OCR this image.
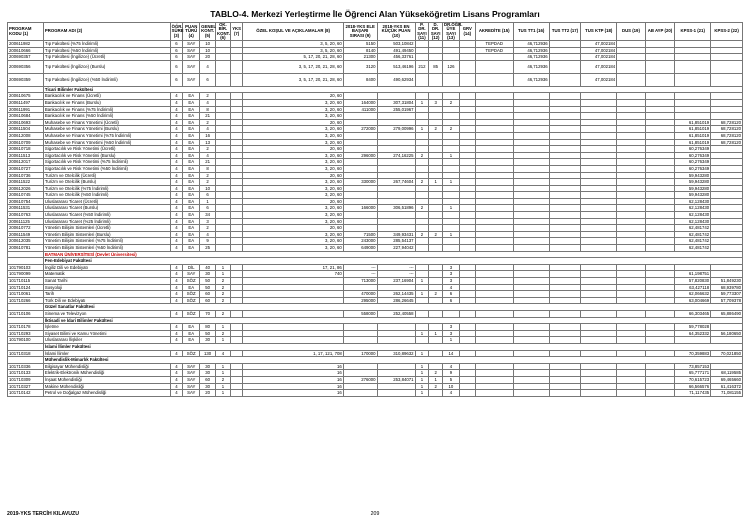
TABLO-4. Merkezi Yerleştirme İle Öğrenci Alan Yükseköğretim Lisans Programları
PROGRAM KODU (1)	PROGRAM ADI (2)	ÖĞR. SÜRE (3)	PUAN TÜRÜ (4)	GENEL KONT. (5)	OK. BİR. KONT. (6)	YKS (7)	ÖZEL KOŞUL VE AÇIKLAMALAR (8)	2018-YKS ELE BAŞARI SIRASI (9)	2018-YKS EN KÜÇÜK PUAN (10)	P. DR. SAYI (11)	D. DR. SAYI (12)	DR.ÖĞR. ÜYE SAYI (13)	GRV (14)	AKREDİTE (15)	TUS TT1 (16)	TUS TT2 (17)	TUS KTP (18)	DUS (19)	AB AYP (20)	KPSS-1 (21)	KPSS-2 (22)
200611982	Tıp Fakültesi (%75 İndirimli)	6	SAY	10			3, 5, 20, 60	5150	503,10842					TEPDAD	46,712936		47,002184				
200610666	Tıp Fakültesi (%50 İndirimli)	6	SAY	10			3, 5, 20, 60	8140	491,49450					TEPDAD	46,712936		47,002184				
200690357	Tıp Fakültesi (İngilizce) (Ücretli)	6	SAY	20			5, 17, 20, 21, 28, 60	21300	456,33761						46,712936		47,002184				
200690356	Tıp Fakültesi (İngilizce) (Burslu)	6	SAY	4			3, 5, 17, 20, 21, 28, 60	3120	513,46196	212	85	126			46,712936		47,002184				
200690359	Tıp Fakültesi (İngilizce) (%50 İndirimli)	6	SAY	6			3, 5, 17, 20, 21, 28, 60	8400	490,62934						46,712936		47,002184				
	Ticari Bilimler Fakültesi																				
200610675	Bankacılık ve Finans (Ücretli)	4	EA	2			20, 60														
200611497	Bankacılık ve Finans (Burslu)	4	EA	4			3, 20, 60	164000	307,31804	1	3	2									
200611991	Bankacılık ve Finans (%75 İndirimli)	4	EA	8			3, 20, 60	411000	255,01967												
200610684	Bankacılık ve Finans (%50 İndirimli)	4	EA	21			3, 20, 60														
200610693	Muhasebe ve Finans Yönetimi (Ücretli)	4	EA	2			20, 60													61,851019	68,728120
200611504	Muhasebe ve Finans Yönetimi (Burslu)	4	EA	4			3, 20, 60	272000	279,00996	1	2	2								61,851019	68,728120
200612008	Muhasebe ve Finans Yönetimi (%75 İndirimli)	4	EA	16			3, 20, 60													61,851019	68,728120
200610709	Muhasebe ve Finans Yönetimi (%50 İndirimli)	4	EA	13			3, 20, 60													61,851019	68,728120
200610718	Sigortacılık ve Risk Yönetimi (Ücretli)	4	EA	2			20, 60													60,276349	
200611513	Sigortacılık ve Risk Yönetimi (Burslu)	4	EA	4			3, 20, 60	296000	274,16225	2		1								60,276349	
200612017	Sigortacılık ve Risk Yönetimi (%75 İndirimli)	4	EA	21			3, 20, 60													60,276349	
200610727	Sigortacılık ve Risk Yönetimi (%50 İndirimli)	4	EA	8			3, 20, 60													60,276349	
200610736	Turizm ve Otelcilik (Ücretli)	4	EA	2			20, 60													59,943280	
200611522	Turizm ve Otelcilik (Burslu)	4	EA	2			3, 20, 60	330000	267,74604	2	1	1								59,943280	
200612026	Turizm ve Otelcilik (%75 İndirimli)	4	EA	10			3, 20, 60													59,943280	
200610745	Turizm ve Otelcilik (%50 İndirimli)	4	EA	6			3, 20, 60													59,943280	
200610754	Uluslararası Ticaret (Ücretli)	4	EA	1			20, 60													62,128430	
200611531	Uluslararası Ticaret (Burslu)	4	EA	6			3, 20, 60	166000	306,51896	2		1								62,128430	
200610763	Uluslararası Ticaret (%50 İndirimli)	4	EA	34			3, 20, 60													62,128430	
200611125	Uluslararası Ticaret (%25 İndirimli)	4	EA	3			3, 20, 60													62,128430	
200610772	Yönetim Bilişim Sistemleri (Ücretli)	4	EA	2			20, 60													62,481742	
200611549	Yönetim Bilişim Sistemleri (Burslu)	4	EA	4			3, 20, 60	71500	349,93431	2	2	1								62,481742	
200612035	Yönetim Bilişim Sistemleri (%75 İndirimli)	4	EA	9			3, 20, 60	243000	285,54137											62,481742	
200610781	Yönetim Bilişim Sistemleri (%50 İndirimli)	4	EA	25			3, 20, 60	649000	227,94042											62,481742	
	BATMAN ÜNİVERSİTESİ (Devlet Üniversitesi)																				
	Fen-Edebiyat Fakültesi																				
101790103	İngiliz Dili ve Edebiyatı	4	DİL	40	1		17, 21, 86	---	---			3									
101790099	Matematik	4	SAY	30	1		740	---	---			3								61,198751	
101710115	Sanat Tarihi	4	SÖZ	50	2			713000	237,16904	1		3								57,820830	51,849230
101710124	Sosyoloji	4	EA	50	2							4								63,427118	68,939780
101710061	Tarih	4	SÖZ	60	2			470000	262,14435	1	2	6								62,066632	59,773307
101710266	Türk Dili ve Edebiyatı	4	SÖZ	60	2			295000	286,26645			6								63,004669	57,709378
	Güzel Sanatlar Fakültesi																				
101710106	Sinema ve Televizyon	4	SÖZ	70	2			558000	252,40558											66,303465	65,886490
	İktisadi ve İdari Bilimler Fakültesi																				
101710178	İşletme	4	EA	80	1							3								59,778028	
101710293	Siyaset Bilimi ve Kamu Yönetimi	4	EA	50	2					1	1	3								64,352332	56,180650
101790100	Uluslararası İlişkiler	4	EA	30	1							1									
	İslami İlimler Fakültesi																				
101710318	İslami İlimler	4	SÖZ	130	4		1, 17, 121, 708	170000	310,89632	1		14								70,359883	70,021850
	Mühendislik-Mimarlık Fakültesi																				
101710336	Bilgisayar Mühendisliği	4	SAY	30	1		16			1		4								73,857153	
101710133	Elektrik-Elektronik Mühendisliği	4	SAY	30	1		16			1	2	9								65,777171	68,119585
101710309	İnşaat Mühendisliği	4	SAY	60	2		16	276000	253,84071	1	1	5								70,615723	69,465660
101710327	Makine Mühendisliği	4	SAY	30	1		16			1	2	10								66,566576	61,416372
101710142	Petrol ve Doğalgaz Mühendisliği	4	SAY	20	1		16			1		4								71,117435	71,081155
2019-YKS TERCİH KILAVUZU	209
